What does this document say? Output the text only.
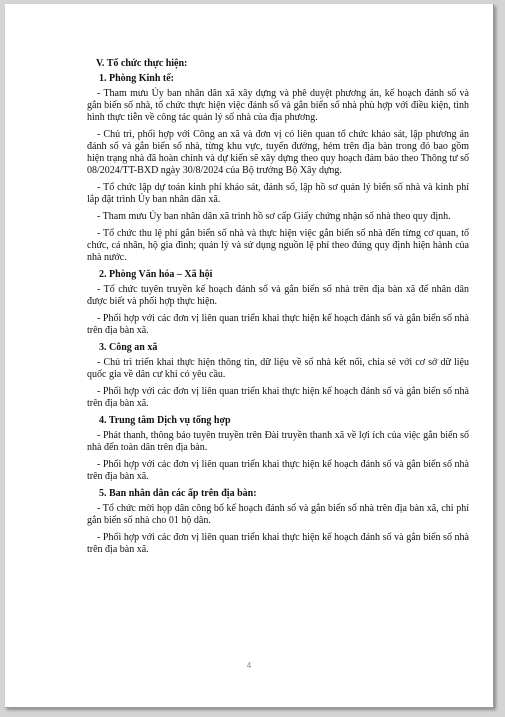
V. Tổ chức thực hiện:
1. Phòng Kinh tế:
- Tham mưu Ủy ban nhân dân xã xây dựng và phê duyệt phương án, kế hoạch đánh số và gắn biển số nhà, tổ chức thực hiện việc đánh số và gắn biển số nhà phù hợp với điều kiện, tình hình thực tiễn về công tác quản lý số nhà của địa phương.
- Chủ trì, phối hợp với Công an xã và đơn vị có liên quan tổ chức khảo sát, lập phương án đánh số và gắn biển số nhà, từng khu vực, tuyến đường, hẻm trên địa bàn trong đó bao gồm hiện trạng nhà đã hoàn chỉnh và dự kiến sẽ xây dựng theo quy hoạch đảm bảo theo Thông tư số 08/2024/TT-BXD ngày 30/8/2024 của Bộ trưởng Bộ Xây dựng.
- Tổ chức lập dự toán kinh phí khảo sát, đánh số, lập hồ sơ quản lý biển số nhà và kinh phí lắp đặt trình Ủy ban nhân dân xã.
- Tham mưu Ủy ban nhân dân xã trình hồ sơ cấp Giấy chứng nhận số nhà theo quy định.
- Tổ chức thu lệ phí gắn biển số nhà và thực hiện việc gắn biển số nhà đến từng cơ quan, tổ chức, cá nhân, hộ gia đình; quản lý và sử dụng nguồn lệ phí theo đúng quy định hiện hành của nhà nước.
2. Phòng Văn hóa – Xã hội
- Tổ chức tuyên truyền kế hoạch đánh số và gắn biển số nhà trên địa bàn xã để nhân dân được biết và phối hợp thực hiện.
- Phối hợp với các đơn vị liên quan triển khai thực hiện kế hoạch đánh số và gắn biển số nhà trên địa bàn xã.
3. Công an xã
- Chủ trì triển khai thực hiện thông tin, dữ liệu về số nhà kết nối, chia sẻ với cơ sở dữ liệu quốc gia về dân cư khi có yêu cầu.
- Phối hợp với các đơn vị liên quan triển khai thực hiện kế hoạch đánh số và gắn biển số nhà trên địa bàn xã.
4. Trung tâm Dịch vụ tổng hợp
- Phát thanh, thông báo tuyên truyền trên Đài truyền thanh xã về lợi ích của việc gắn biển số nhà đến toàn dân trên địa bàn.
- Phối hợp với các đơn vị liên quan triển khai thực hiện kế hoạch đánh số và gắn biển số nhà trên địa bàn xã.
5. Ban nhân dân các ấp trên địa bàn:
- Tổ chức mời họp dân công bố kế hoạch đánh số và gắn biển số nhà trên địa bàn xã, chi phí gắn biển số nhà cho 01 hộ dân.
- Phối hợp với các đơn vị liên quan triển khai thực hiện kế hoạch đánh số và gắn biển số nhà trên địa bàn xã.
4
